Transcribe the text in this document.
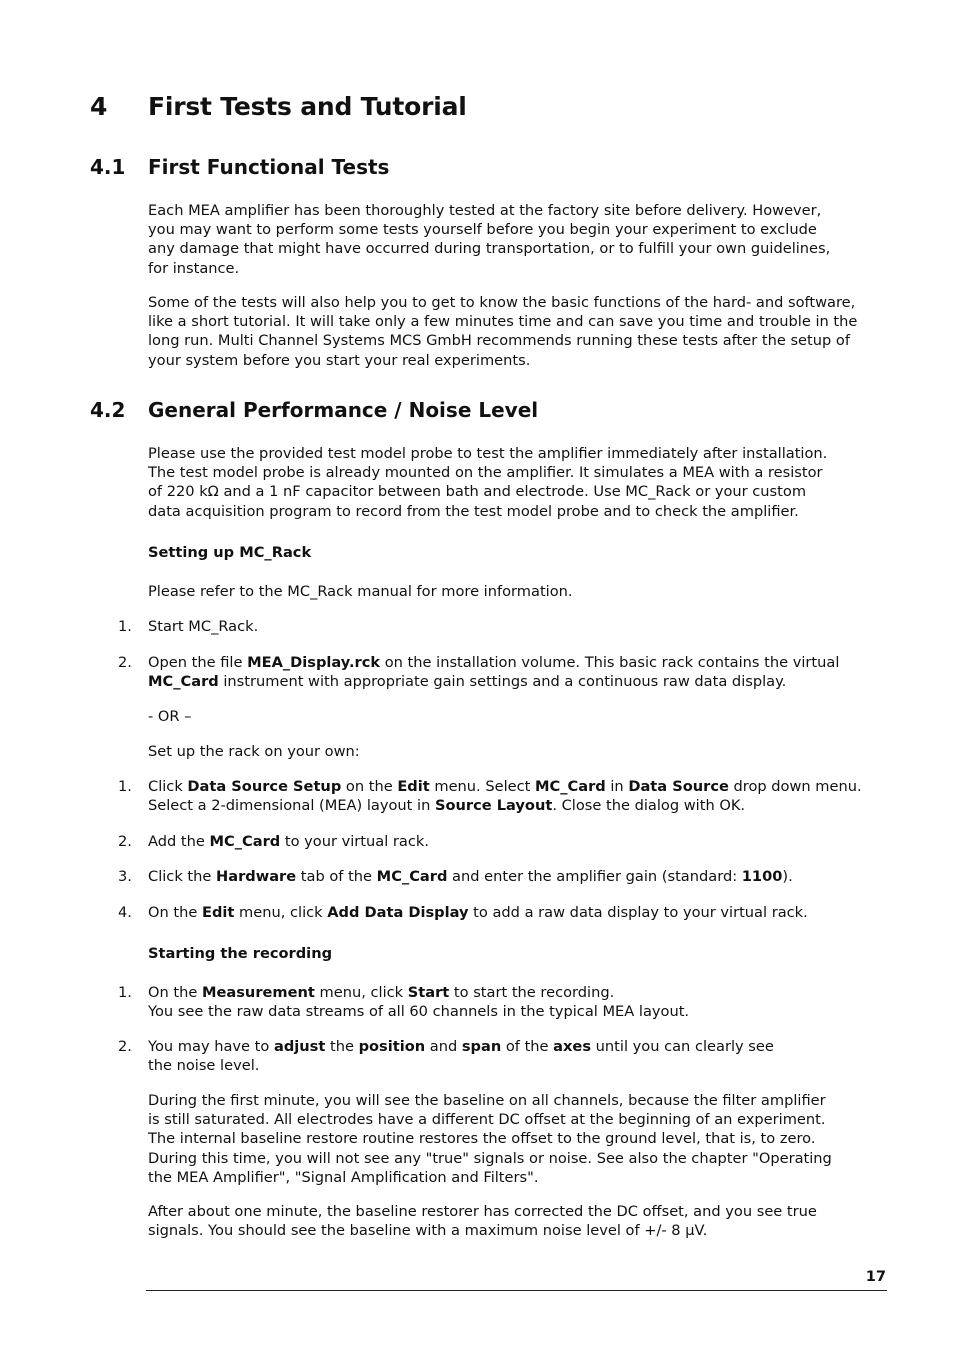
4 First Tests and Tutorial
4.1 First Functional Tests
Each MEA amplifier has been thoroughly tested at the factory site before delivery. However,
you may want to perform some tests yourself before you begin your experiment to exclude
any damage that might have occurred during transportation, or to fulfill your own guidelines,
for instance.
Some of the tests will also help you to get to know the basic functions of the hard- and software,
like a short tutorial. It will take only a few minutes time and can save you time and trouble in the
long run. Multi Channel Systems MCS GmbH recommends running these tests after the setup of
your system before you start your real experiments.
4.2 General Performance / Noise Level
Please use the provided test model probe to test the amplifier immediately after installation.
The test model probe is already mounted on the amplifier. It simulates a MEA with a resistor
of 220 kΩ and a 1 nF capacitor between bath and electrode. Use MC_Rack or your custom
data acquisition program to record from the test model probe and to check the amplifier.
Setting up MC_Rack
Please refer to the MC_Rack manual for more information.
1. Start MC_Rack.
2. Open the file MEA_Display.rck on the installation volume. This basic rack contains the virtual
MC_Card instrument with appropriate gain settings and a continuous raw data display.
- OR –
Set up the rack on your own:
1. Click Data Source Setup on the Edit menu. Select MC_Card in Data Source drop down menu.
Select a 2-dimensional (MEA) layout in Source Layout. Close the dialog with OK.
2. Add the MC_Card to your virtual rack.
3. Click the Hardware tab of the MC_Card and enter the amplifier gain (standard: 1100).
4. On the Edit menu, click Add Data Display to add a raw data display to your virtual rack.
Starting the recording
1. On the Measurement menu, click Start to start the recording.
You see the raw data streams of all 60 channels in the typical MEA layout.
2. You may have to adjust the position and span of the axes until you can clearly see
the noise level.
During the first minute, you will see the baseline on all channels, because the filter amplifier
is still saturated. All electrodes have a different DC offset at the beginning of an experiment.
The internal baseline restore routine restores the offset to the ground level, that is, to zero.
During this time, you will not see any "true" signals or noise. See also the chapter "Operating
the MEA Amplifier", "Signal Amplification and Filters".
After about one minute, the baseline restorer has corrected the DC offset, and you see true
signals. You should see the baseline with a maximum noise level of +/- 8 µV.
17
